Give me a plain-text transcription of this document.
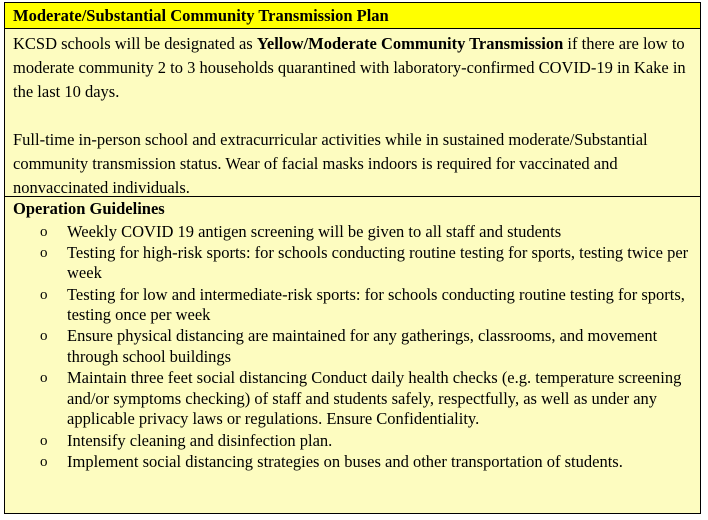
Moderate/Substantial Community Transmission Plan

KCSD schools will be designated as Yellow/Moderate Community Transmission if there are low to moderate community 2 to 3 households quarantined with laboratory-confirmed COVID-19 in Kake in the last 10 days.

Full-time in-person school and extracurricular activities while in sustained moderate/Substantial community transmission status. Wear of facial masks indoors is required for vaccinated and nonvaccinated individuals.

Operation Guidelines
o Weekly COVID 19 antigen screening will be given to all staff and students
o Testing for high-risk sports: for schools conducting routine testing for sports, testing twice per week
o Testing for low and intermediate-risk sports: for schools conducting routine testing for sports, testing once per week
o Ensure physical distancing are maintained for any gatherings, classrooms, and movement through school buildings
o Maintain three feet social distancing Conduct daily health checks (e.g. temperature screening and/or symptoms checking) of staff and students safely, respectfully, as well as under any applicable privacy laws or regulations. Ensure Confidentiality.
o Intensify cleaning and disinfection plan.
o Implement social distancing strategies on buses and other transportation of students.
